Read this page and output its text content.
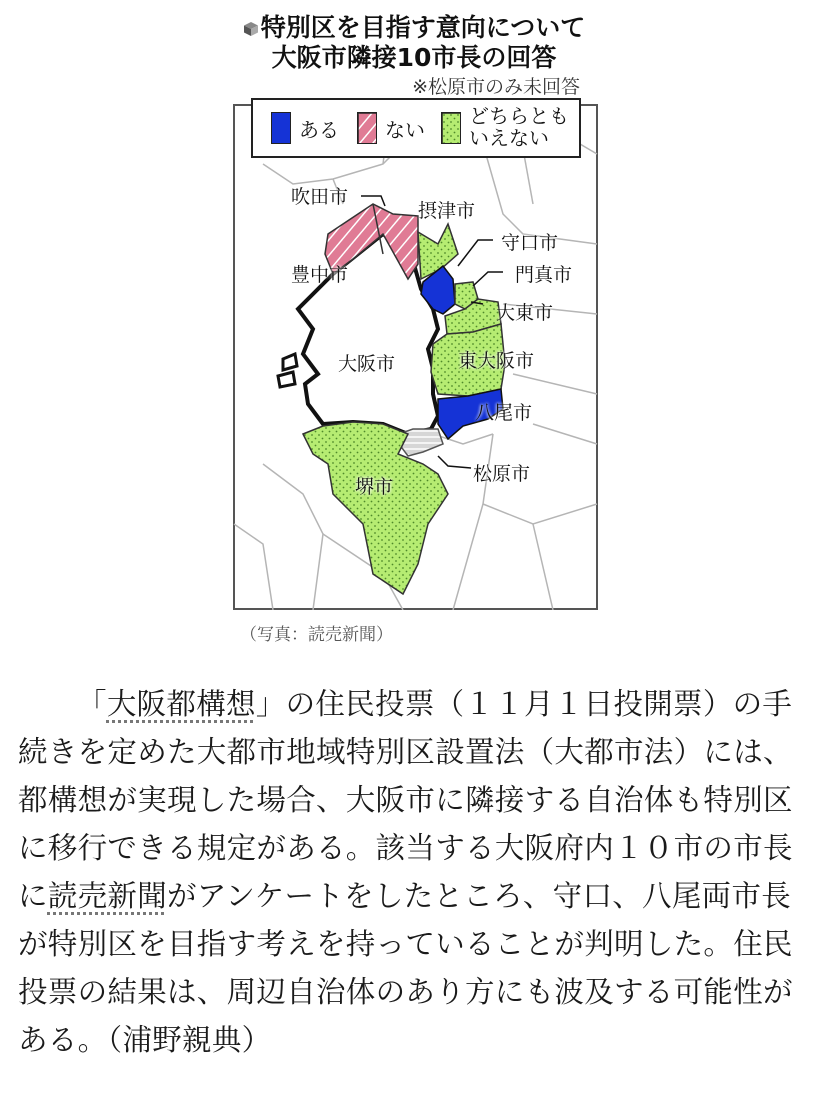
特別区を目指す意向について
大阪市隣接10市長の回答
※松原市のみ未回答
吹田市
豊中市
摂津市
守口市
門真市
大東市
大阪市	東大阪市
八尾市
松原市
堺市
ある ない
どちらとも
いえない
（写真：読売新聞）
「大阪都構想」の住民投票（１１月１日投開票）の手続きを定めた大都市地域特別区設置法（大都市法）には、都構想が実現した場合、大阪市に隣接する自治体も特別区に移行できる規定がある。該当する大阪府内１０市の市長に読売新聞がアンケートをしたところ、守口、八尾両市長が特別区を目指す考えを持っていることが判明した。住民投票の結果は、周辺自治体のあり方にも波及する可能性がある。（浦野親典）
